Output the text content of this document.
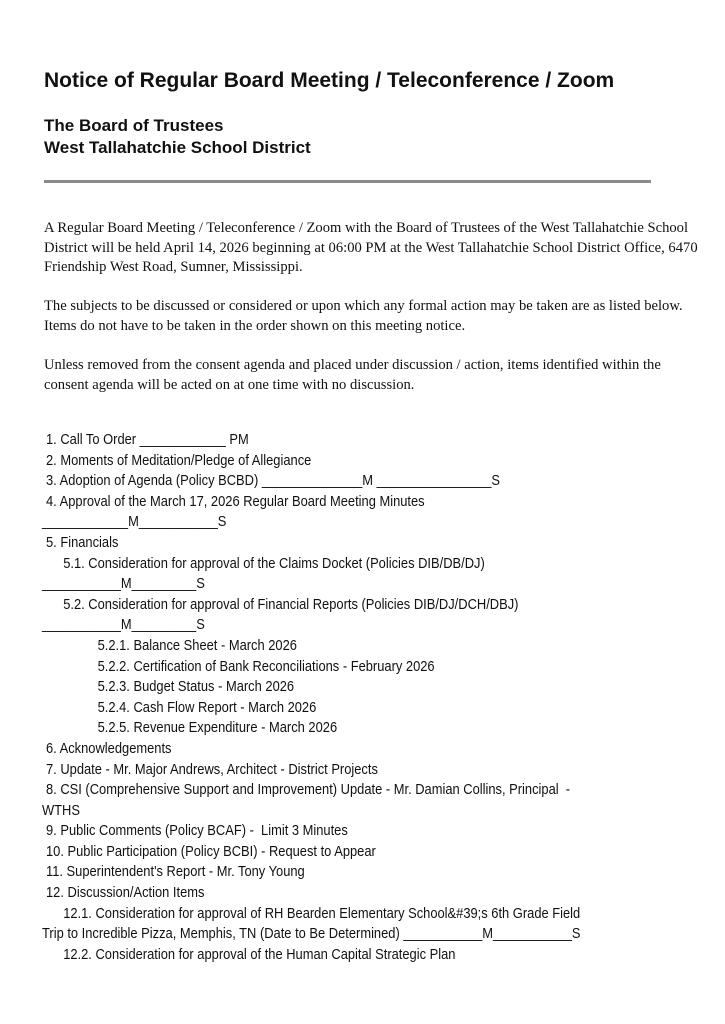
Notice of Regular Board Meeting / Teleconference / Zoom
The Board of Trustees
West Tallahatchie School District
A Regular Board Meeting / Teleconference / Zoom with the Board of Trustees of the West Tallahatchie School District will be held April 14, 2026 beginning at 06:00 PM at the West Tallahatchie School District Office, 6470 Friendship West Road, Sumner, Mississippi.
The subjects to be discussed or considered or upon which any formal action may be taken are as listed below. Items do not have to be taken in the order shown on this meeting notice.
Unless removed from the consent agenda and placed under discussion / action, items identified within the consent agenda will be acted on at one time with no discussion.
1. Call To Order ____________ PM
2. Moments of Meditation/Pledge of Allegiance
3. Adoption of Agenda (Policy BCBD) ______________M ________________S
4. Approval of the March 17, 2026 Regular Board Meeting Minutes
____________M___________S
5. Financials
5.1. Consideration for approval of the Claims Docket (Policies DIB/DB/DJ)
___________M_________S
5.2. Consideration for approval of Financial Reports (Policies DIB/DJ/DCH/DBJ)
___________M_________S
5.2.1. Balance Sheet - March 2026
5.2.2. Certification of Bank Reconciliations - February 2026
5.2.3. Budget Status - March 2026
5.2.4. Cash Flow Report - March 2026
5.2.5. Revenue Expenditure - March 2026
6. Acknowledgements
7. Update - Mr. Major Andrews, Architect - District Projects
8. CSI (Comprehensive Support and Improvement) Update - Mr. Damian Collins, Principal  -
WTHS
9. Public Comments (Policy BCAF) -  Limit 3 Minutes
10. Public Participation (Policy BCBI) - Request to Appear
11. Superintendent's Report - Mr. Tony Young
12. Discussion/Action Items
12.1. Consideration for approval of RH Bearden Elementary School&#39;s 6th Grade Field
Trip to Incredible Pizza, Memphis, TN (Date to Be Determined) ___________M___________S
12.2. Consideration for approval of the Human Capital Strategic Plan
